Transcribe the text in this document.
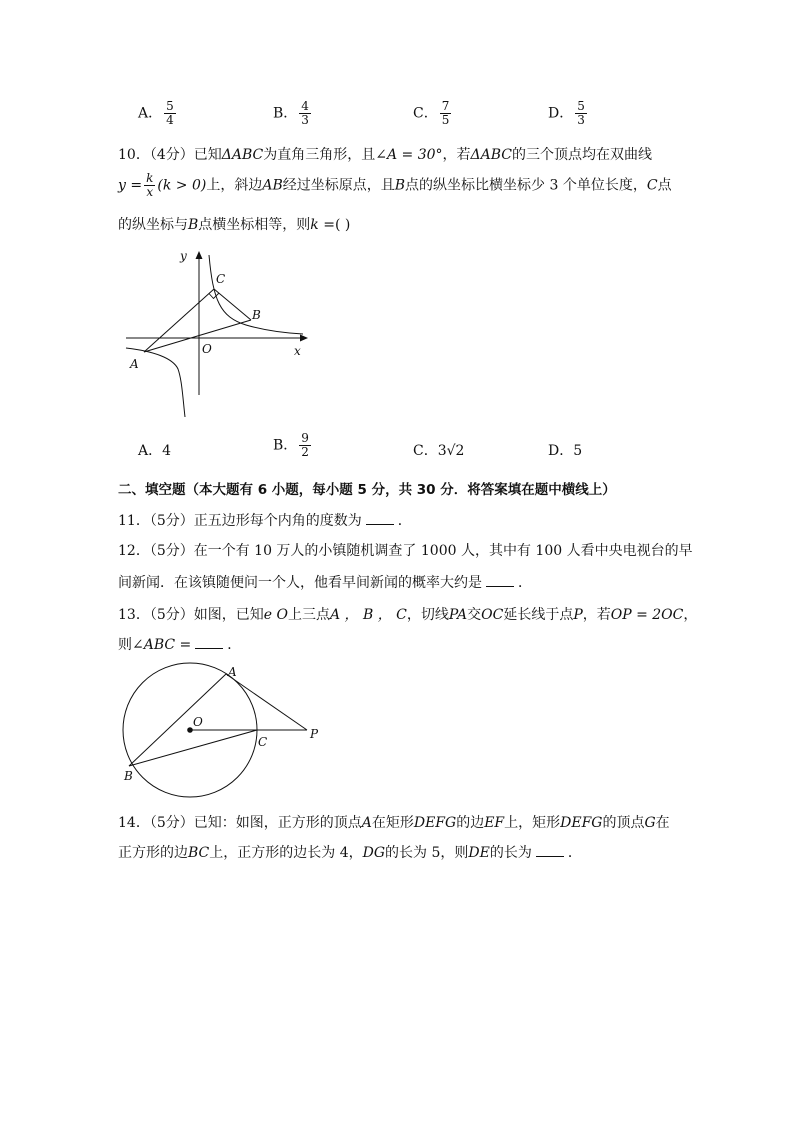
A． $\frac{5}{4}$	B． $\frac{4}{3}$	C． $\frac{7}{5}$	D． $\frac{5}{3}$
10．（4分）已知ΔABC为直角三角形，且∠A = 30°，若ΔABC的三个顶点均在双曲线
$y = \frac{k}{x} (k > 0)$上，斜边AB经过坐标原点，且B点的纵坐标比横坐标少 3 个单位长度，C点
的纵坐标与B点横坐标相等，则k =( )
y
x
O
A
B
C
A．4	B． $\frac{9}{2}$	C．3√2	D．5
二、填空题（本大题有 6 小题，每小题 5 分，共 30 分．将答案填在题中横线上）
11．（5分）正五边形每个内角的度数为	．
12．（5分）在一个有 10 万人的小镇随机调查了 1000 人，其中有 100 人看中央电视台的早
间新闻．在该镇随便问一个人，他看早间新闻的概率大约是	．
13．（5分）如图，已知e O上三点A ， B ， C，切线PA交OC延长线于点P，若OP = 2OC，
则∠ABC =	．
A
O
C
P
B
14．（5分）已知：如图，正方形的顶点A在矩形DEFG的边EF上，矩形DEFG的顶点G在
正方形的边BC上，正方形的边长为 4，DG的长为 5，则DE的长为	．
